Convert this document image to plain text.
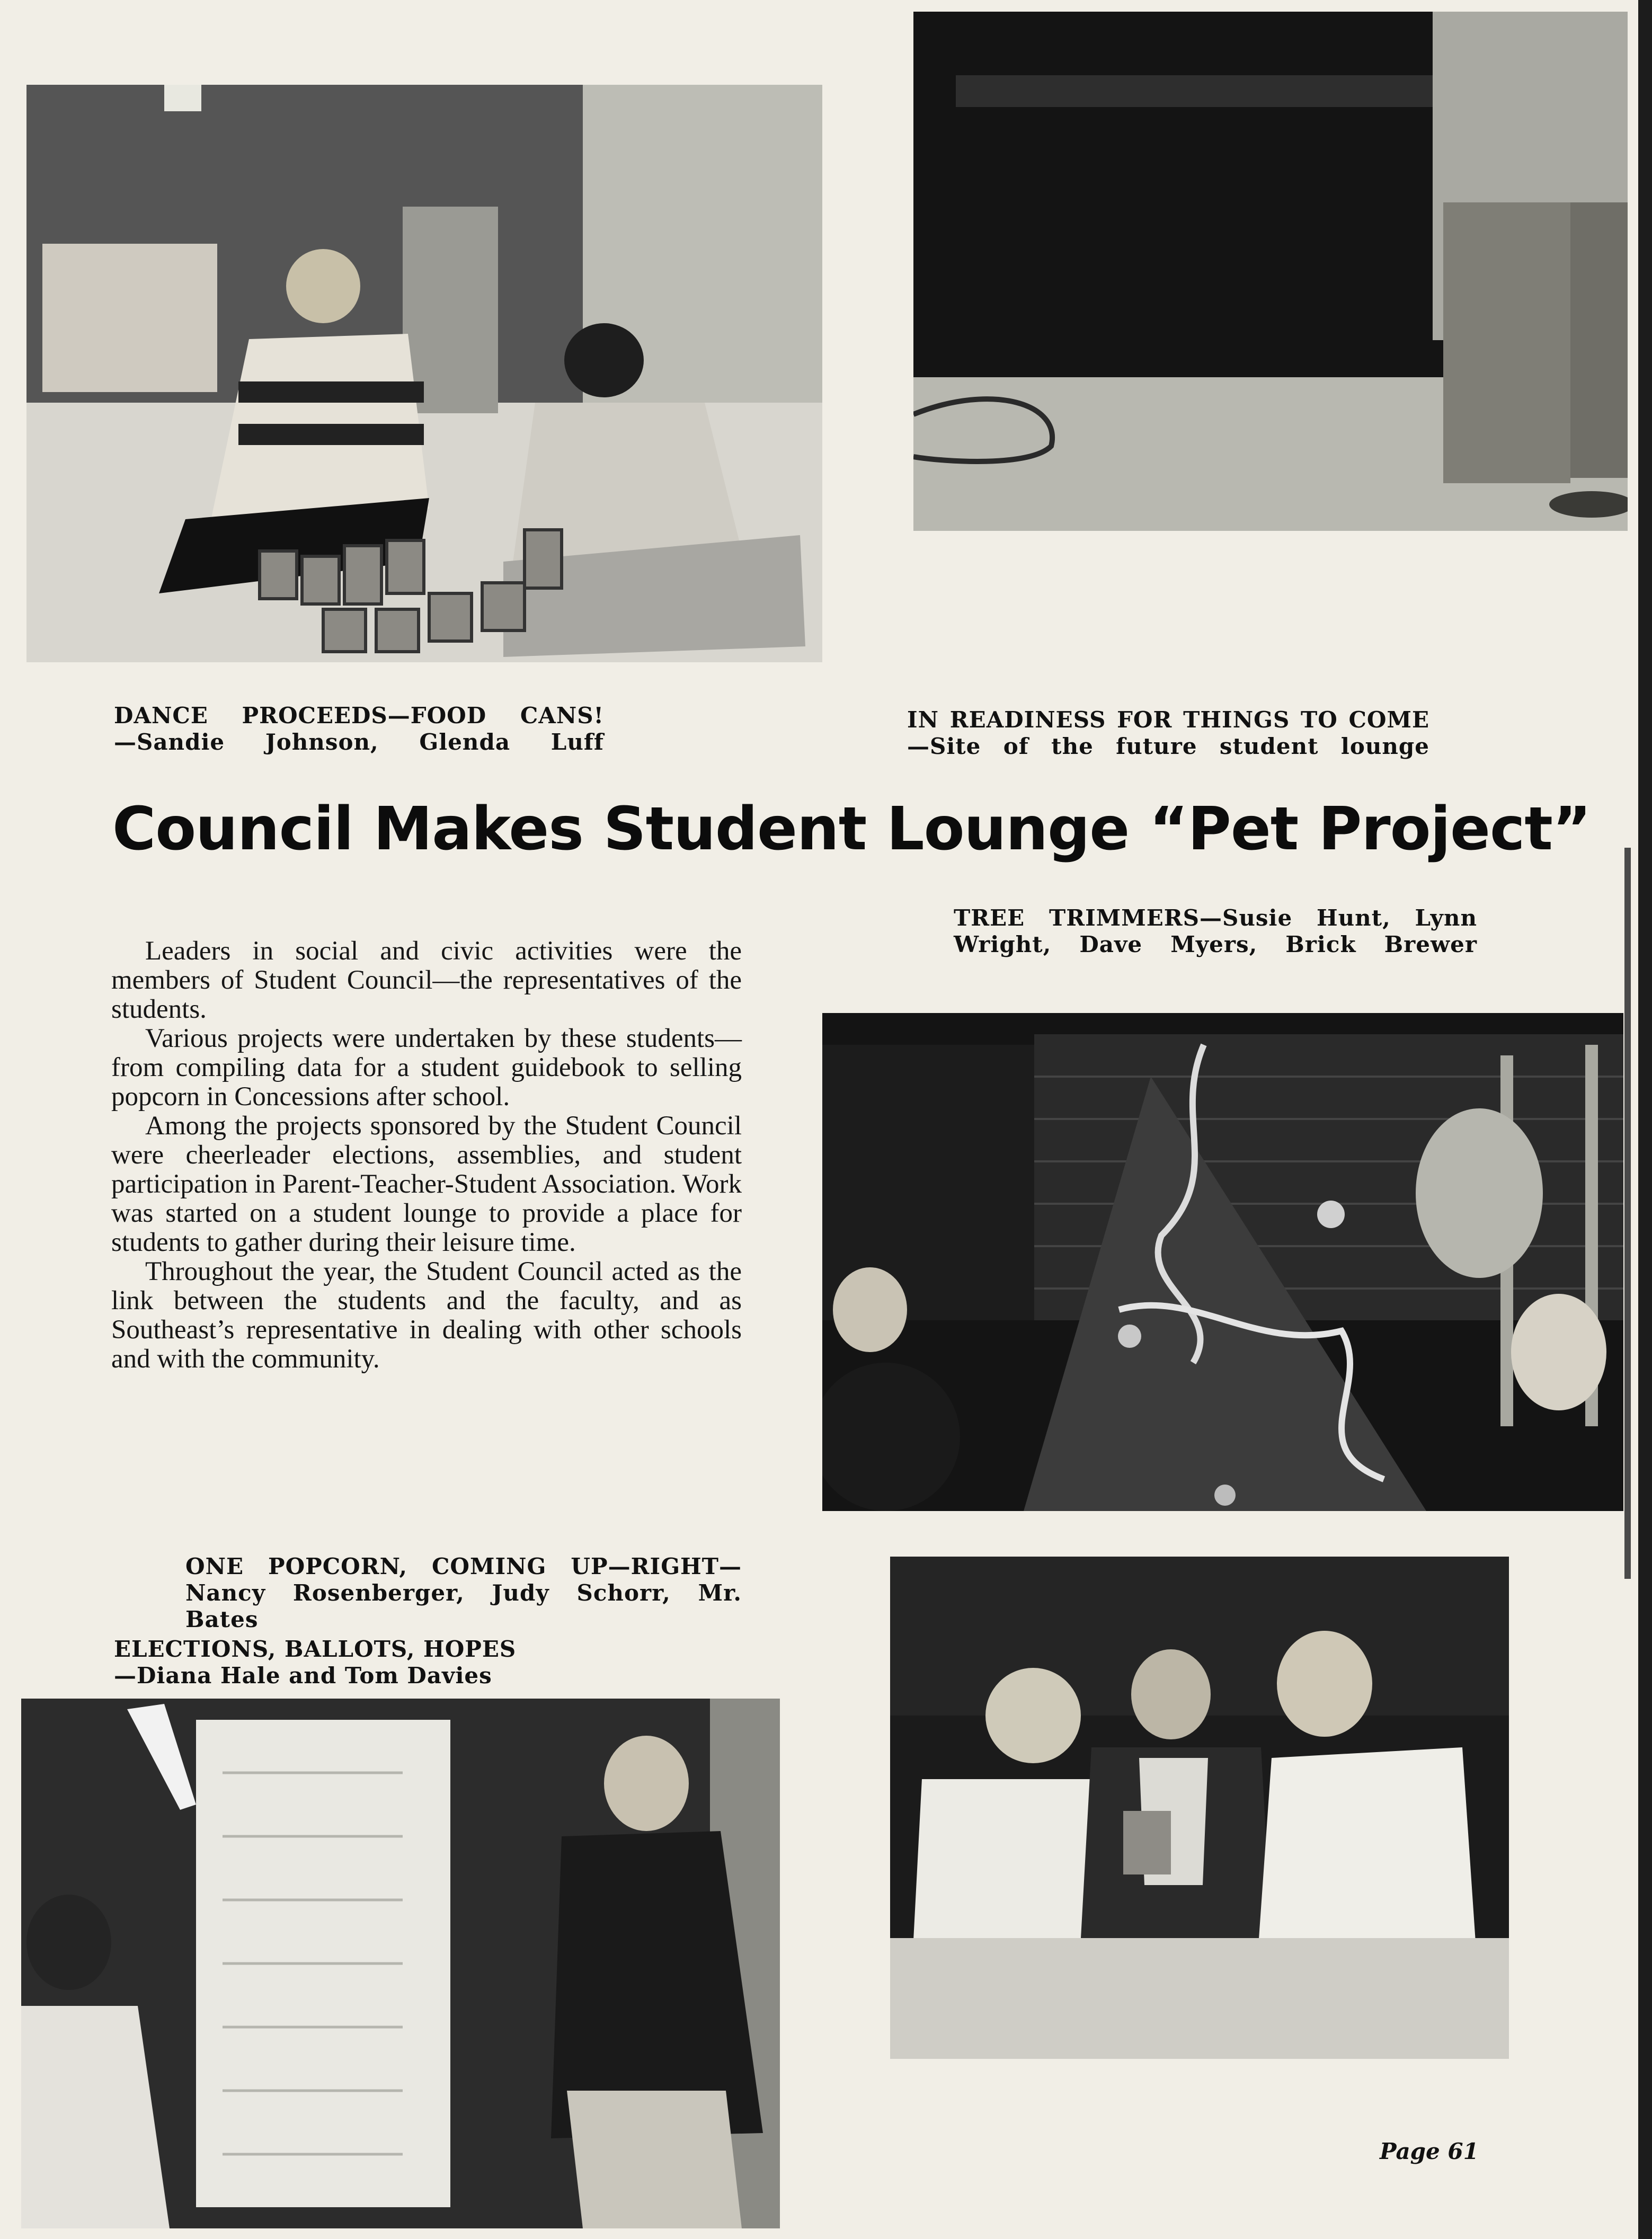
DANCE PROCEEDS—FOOD CANS!
—Sandie Johnson, Glenda Luff
IN READINESS FOR THINGS TO COME
—Site of the future student lounge
Council Makes Student Lounge “Pet Project”
TREE TRIMMERS—Susie Hunt, Lynn
Wright, Dave Myers, Brick Brewer

Leaders in social and civic activities were the members of Student Council—the representatives of the students.

Various projects were undertaken by these students—from compiling data for a student guidebook to selling popcorn in Concessions after school.

Among the projects sponsored by the Student Council were cheerleader elections, assemblies, and student participation in Parent-Teacher-Student Association. Work was started on a student lounge to provide a place for students to gather during their leisure time.

Throughout the year, the Student Council acted as the link between the students and the faculty, and as Southeast’s representative in dealing with other schools and with the community.

ONE POPCORN, COMING UP—RIGHT—
Nancy Rosenberger, Judy Schorr, Mr. Bates
ELECTIONS, BALLOTS, HOPES
—Diana Hale and Tom Davies
Page 61
